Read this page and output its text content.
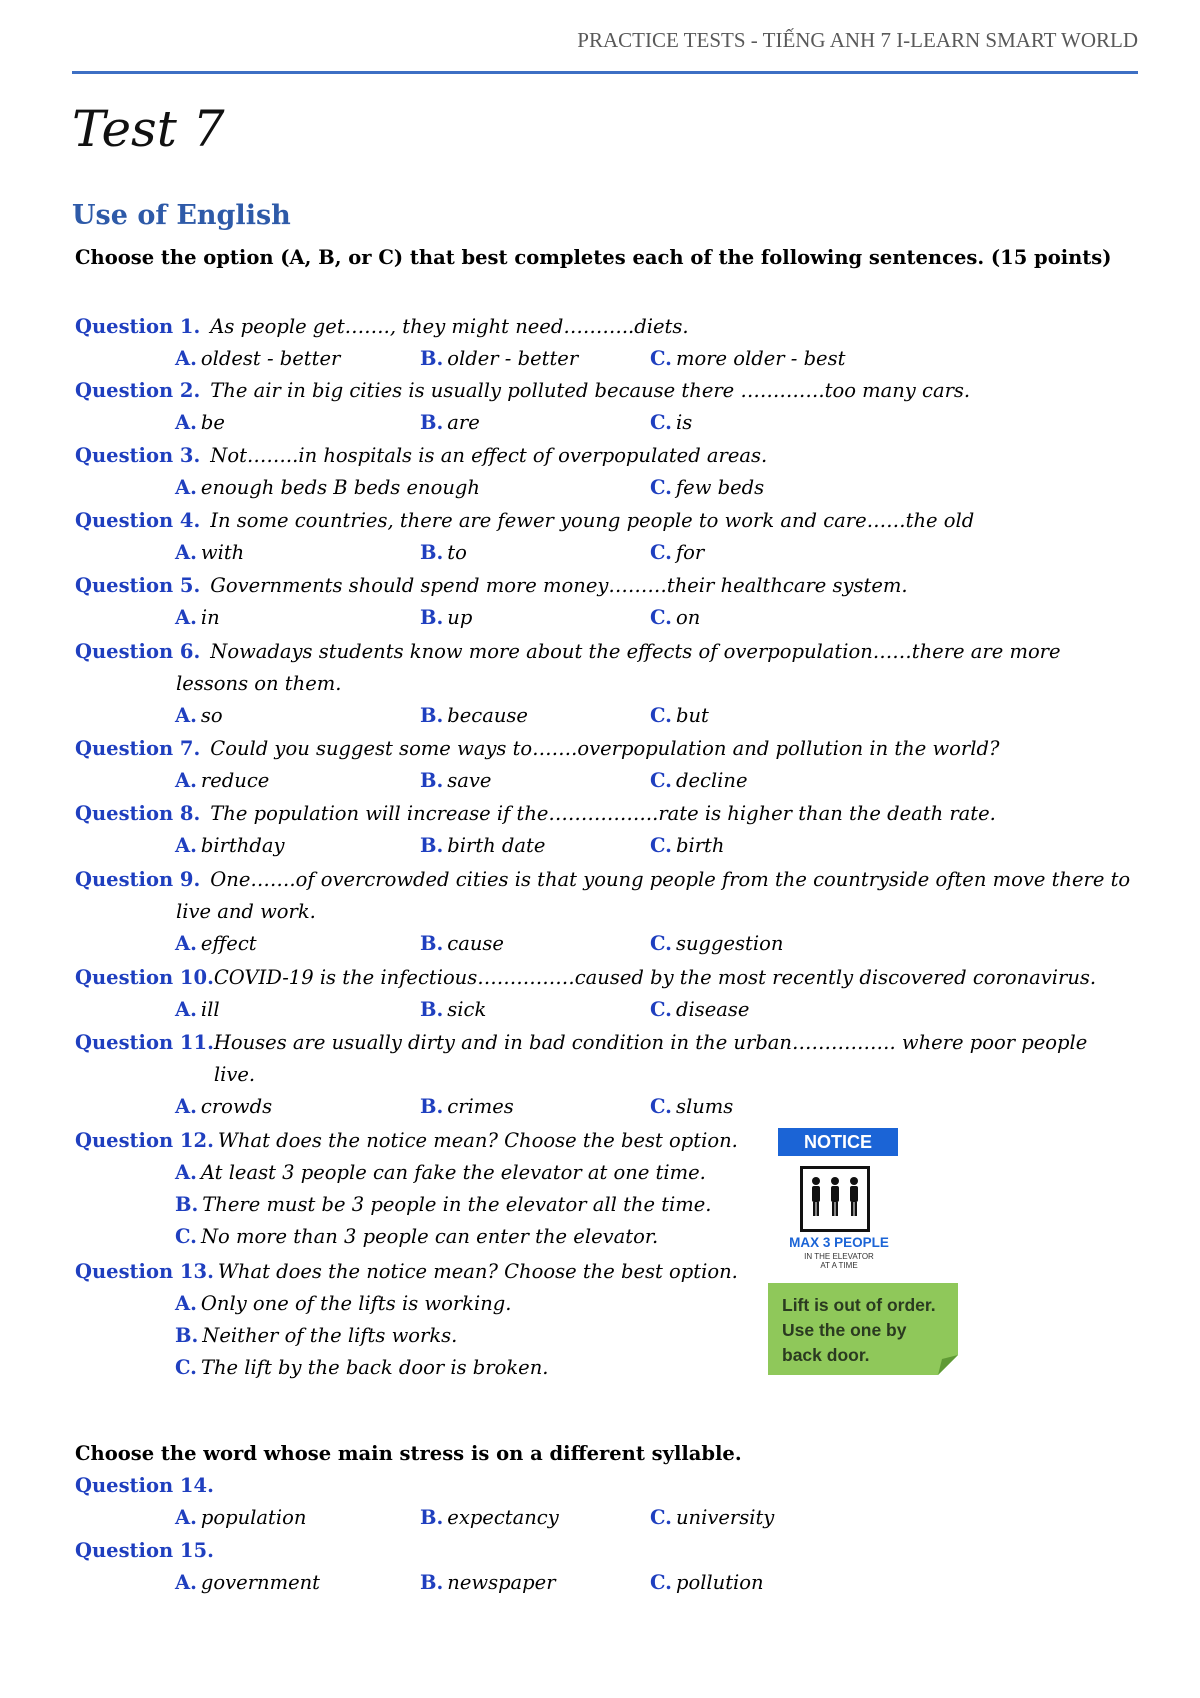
PRACTICE TESTS - TIẾNG ANH 7 I-LEARN SMART WORLD
Test 7
Use of English
Choose the option (A, B, or C) that best completes each of the following sentences. (15 points)
Question 1. As people get……., they might need………..diets.
A. oldest - better	B. older - better	C. more older - best
Question 2. The air in big cities is usually polluted because there ………….too many cars.
A. be	B. are	C. is
Question 3. Not……..in hospitals is an effect of overpopulated areas.
A. enough beds B beds enough	C. few beds
Question 4. In some countries, there are fewer young people to work and care……the old
A. with	B. to	C. for
Question 5. Governments should spend more money………their healthcare system.
A. in	B. up	C. on
Question 6. Nowadays students know more about the effects of overpopulation……there are more
lessons on them.
A. so	B. because	C. but
Question 7. Could you suggest some ways to…….overpopulation and pollution in the world?
A. reduce	B. save	C. decline
Question 8. The population will increase if the……………..rate is higher than the death rate.
A. birthday	B. birth date	C. birth
Question 9. One…….of overcrowded cities is that young people from the countryside often move there to
live and work.
A. effect	B. cause	C. suggestion
Question 10. COVID-19 is the infectious……………caused by the most recently discovered coronavirus.
A. ill	B. sick	C. disease
Question 11. Houses are usually dirty and in bad condition in the urban……………. where poor people live.
A. crowds	B. crimes	C. slums
Question 12. What does the notice mean? Choose the best option.
A. At least 3 people can fake the elevator at one time.
B. There must be 3 people in the elevator all the time.
C. No more than 3 people can enter the elevator.
Question 13. What does the notice mean? Choose the best option.
A. Only one of the lifts is working.
B. Neither of the lifts works.
C. The lift by the back door is broken.
NOTICE
MAX 3 PEOPLE
IN THE ELEVATOR
AT A TIME
Lift is out of order.
Use the one by
back door.
Choose the word whose main stress is on a different syllable.
Question 14.
A. population	B. expectancy	C. university
Question 15.
A. government	B. newspaper	C. pollution
